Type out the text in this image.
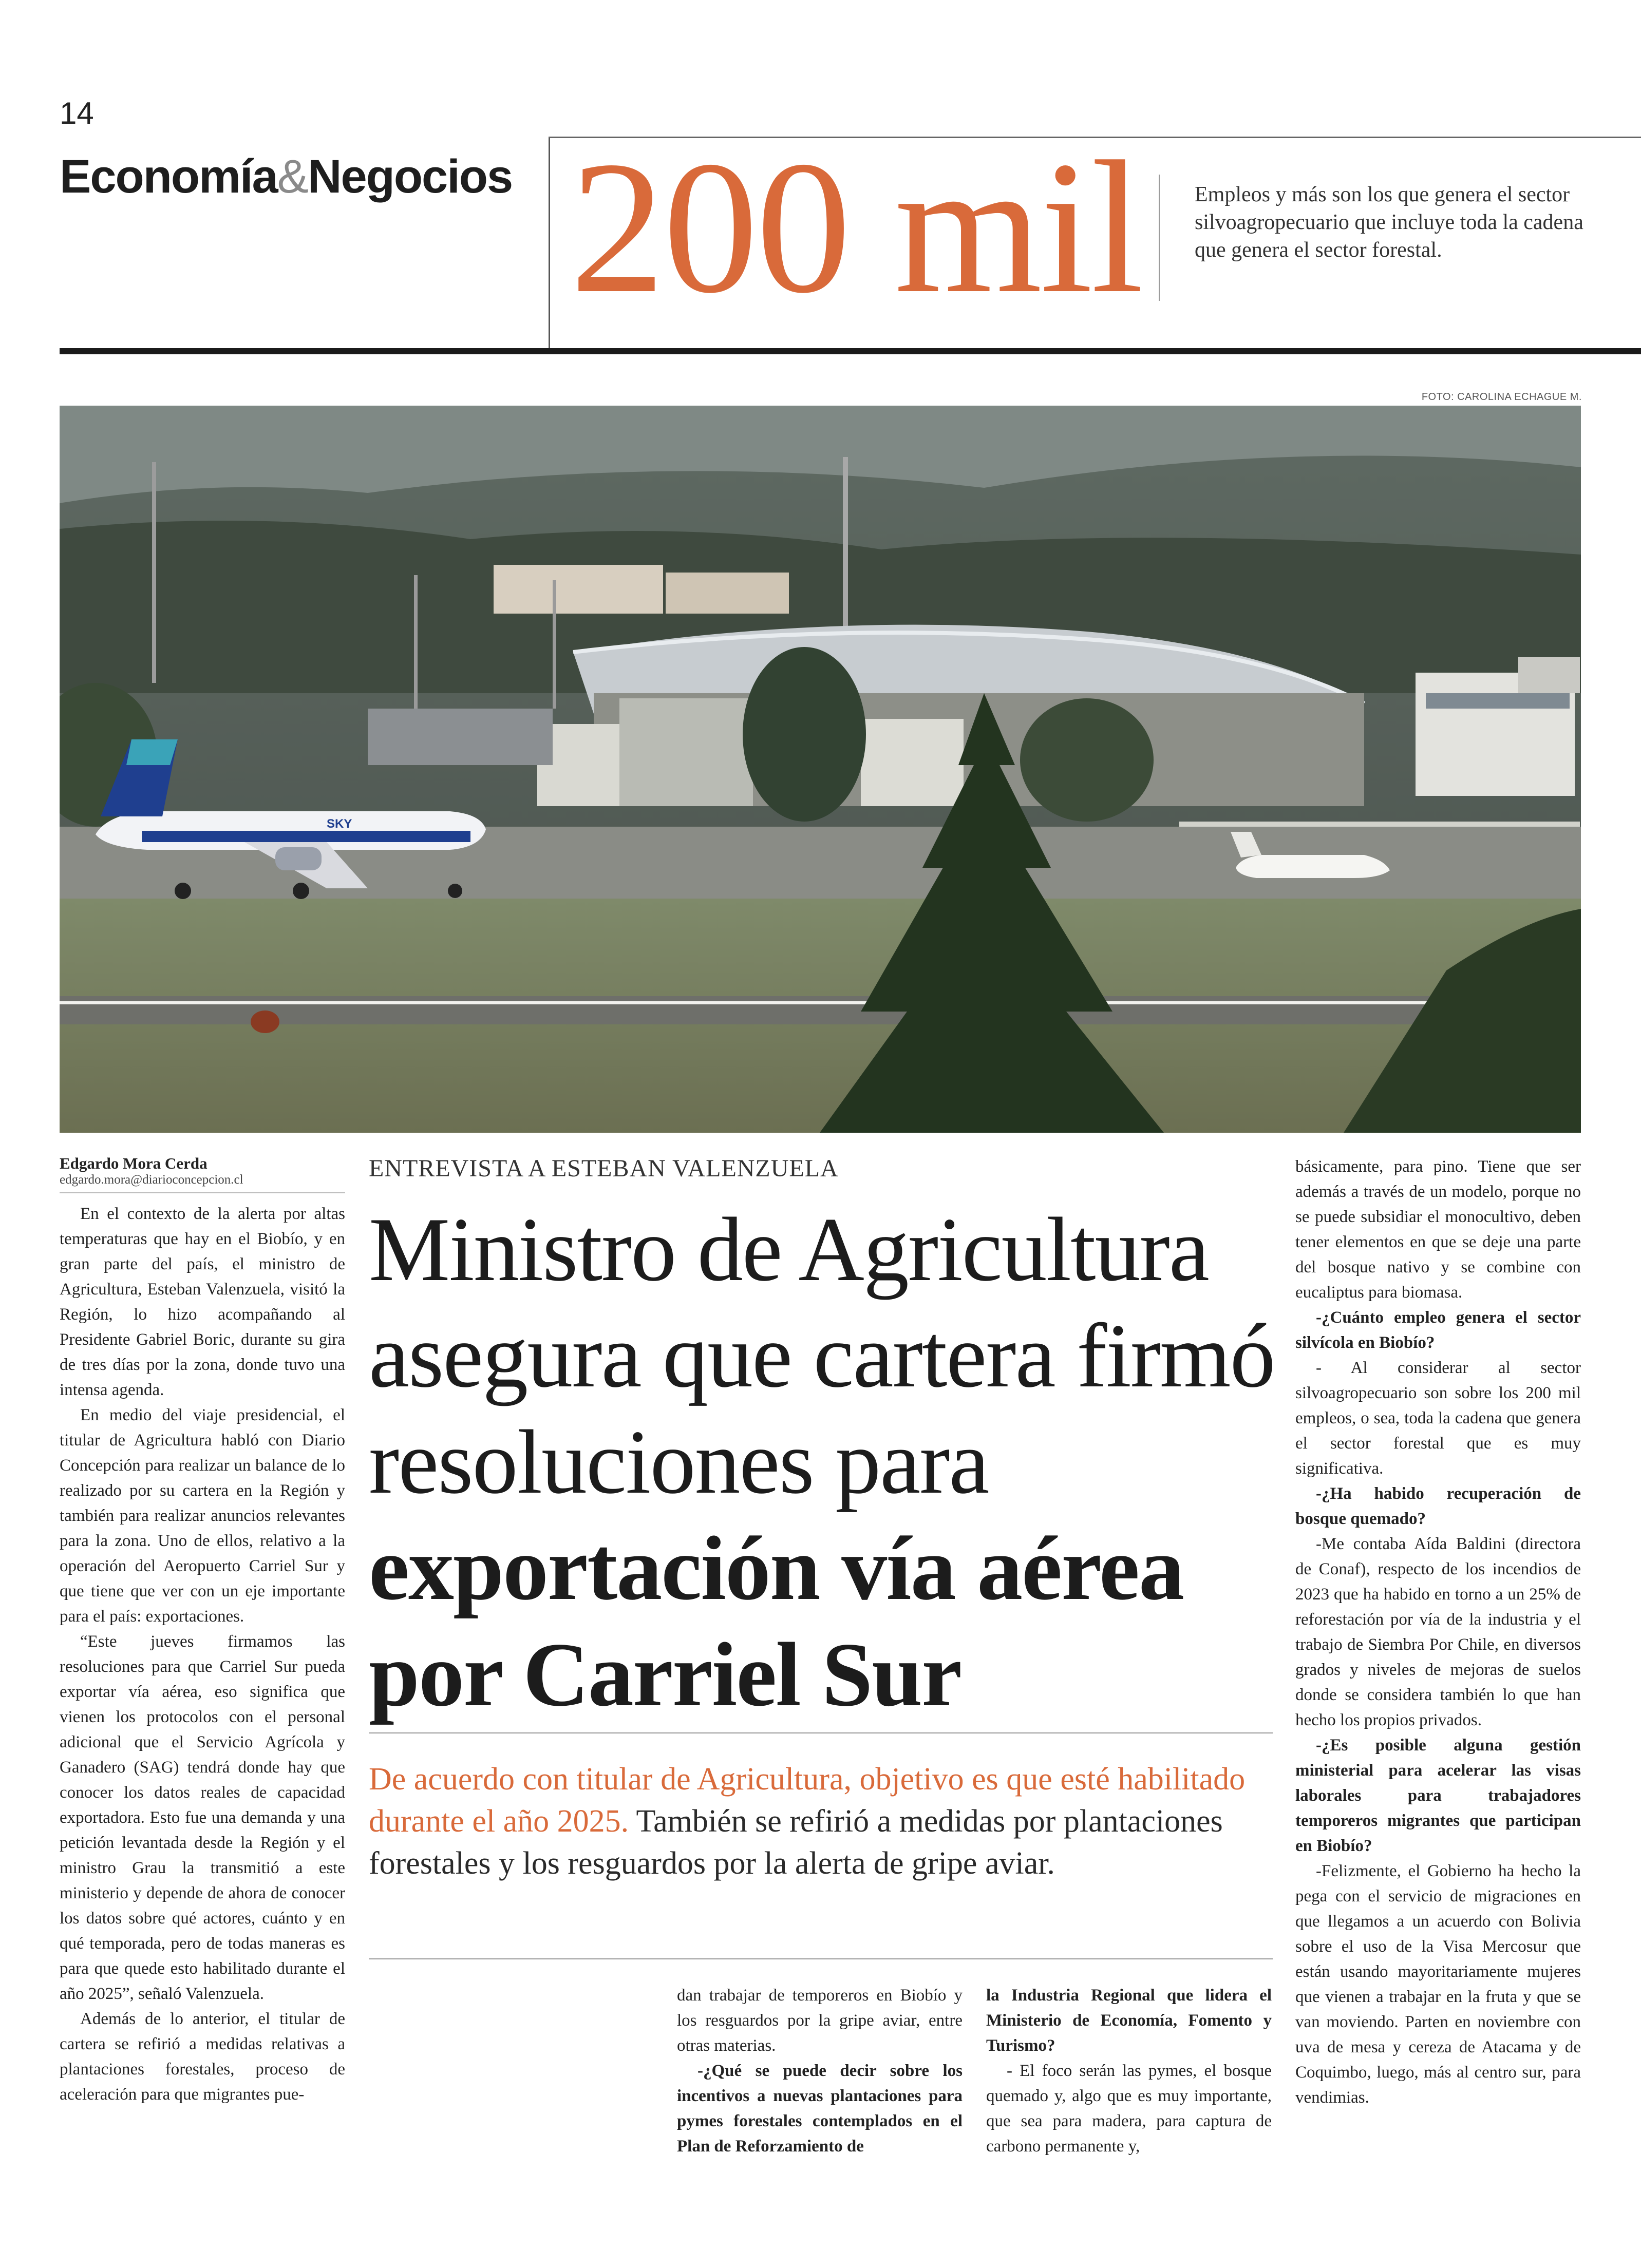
14
Economía&Negocios 200 mil Empleos y más son los que genera el sector silvoagropecuario que incluye toda la cadena que genera el sector forestal.
FOTO: CAROLINA ECHAGUE M.
SKY
Edgardo Mora Cerda
edgardo.mora@diarioconcepcion.cl

En el contexto de la alerta por altas temperaturas que hay en el Biobío, y en gran parte del país, el ministro de Agricultura, Esteban Valenzuela, visitó la Región, lo hizo acompañando al Presidente Gabriel Boric, durante su gira de tres días por la zona, donde tuvo una intensa agenda.

En medio del viaje presidencial, el titular de Agricultura habló con Diario Concepción para realizar un balance de lo realizado por su cartera en la Región y también para realizar anuncios relevantes para la zona. Uno de ellos, relativo a la operación del Aeropuerto Carriel Sur y que tiene que ver con un eje importante para el país: exportaciones.

“Este jueves firmamos las resoluciones para que Carriel Sur pueda exportar vía aérea, eso significa que vienen los protocolos con el personal adicional que el Servicio Agrícola y Ganadero (SAG) tendrá donde hay que conocer los datos reales de capacidad exportadora. Esto fue una demanda y una petición levantada desde la Región y el ministro Grau la transmitió a este ministerio y depende de ahora de conocer los datos sobre qué actores, cuánto y en qué temporada, pero de todas maneras es para que quede esto habilitado durante el año 2025”, señaló Valenzuela.

Además de lo anterior, el titular de cartera se refirió a medidas relativas a plantaciones forestales, proceso de aceleración para que migrantes pue-

ENTREVISTA A ESTEBAN VALENZUELA
Ministro de Agricultura asegura que cartera firmó resoluciones para exportación vía aérea por Carriel Sur
De acuerdo con titular de Agricultura, objetivo es que esté habilitado durante el año 2025. También se refirió a medidas por plantaciones forestales y los resguardos por la alerta de gripe aviar.

dan trabajar de temporeros en Biobío y los resguardos por la gripe aviar, entre otras materias.

-¿Qué se puede decir sobre los incentivos a nuevas plantaciones para pymes forestales contemplados en el Plan de Reforzamiento de

la Industria Regional que lidera el Ministerio de Economía, Fomento y Turismo?

- El foco serán las pymes, el bosque quemado y, algo que es muy importante, que sea para madera, para captura de carbono permanente y,

básicamente, para pino. Tiene que ser además a través de un modelo, porque no se puede subsidiar el monocultivo, deben tener elementos en que se deje una parte del bosque nativo y se combine con eucaliptus para biomasa.

-¿Cuánto empleo genera el sector silvícola en Biobío?

- Al considerar al sector silvoagropecuario son sobre los 200 mil empleos, o sea, toda la cadena que genera el sector forestal que es muy significativa.

-¿Ha habido recuperación de bosque quemado?

-Me contaba Aída Baldini (directora de Conaf), respecto de los incendios de 2023 que ha habido en torno a un 25% de reforestación por vía de la industria y el trabajo de Siembra Por Chile, en diversos grados y niveles de mejoras de suelos donde se considera también lo que han hecho los propios privados.

-¿Es posible alguna gestión ministerial para acelerar las visas laborales para trabajadores temporeros migrantes que participan en Biobío?

-Felizmente, el Gobierno ha hecho la pega con el servicio de migraciones en que llegamos a un acuerdo con Bolivia sobre el uso de la Visa Mercosur que están usando mayoritariamente mujeres que vienen a trabajar en la fruta y que se van moviendo. Parten en noviembre con uva de mesa y cereza de Atacama y de Coquimbo, luego, más al centro sur, para vendimias.
